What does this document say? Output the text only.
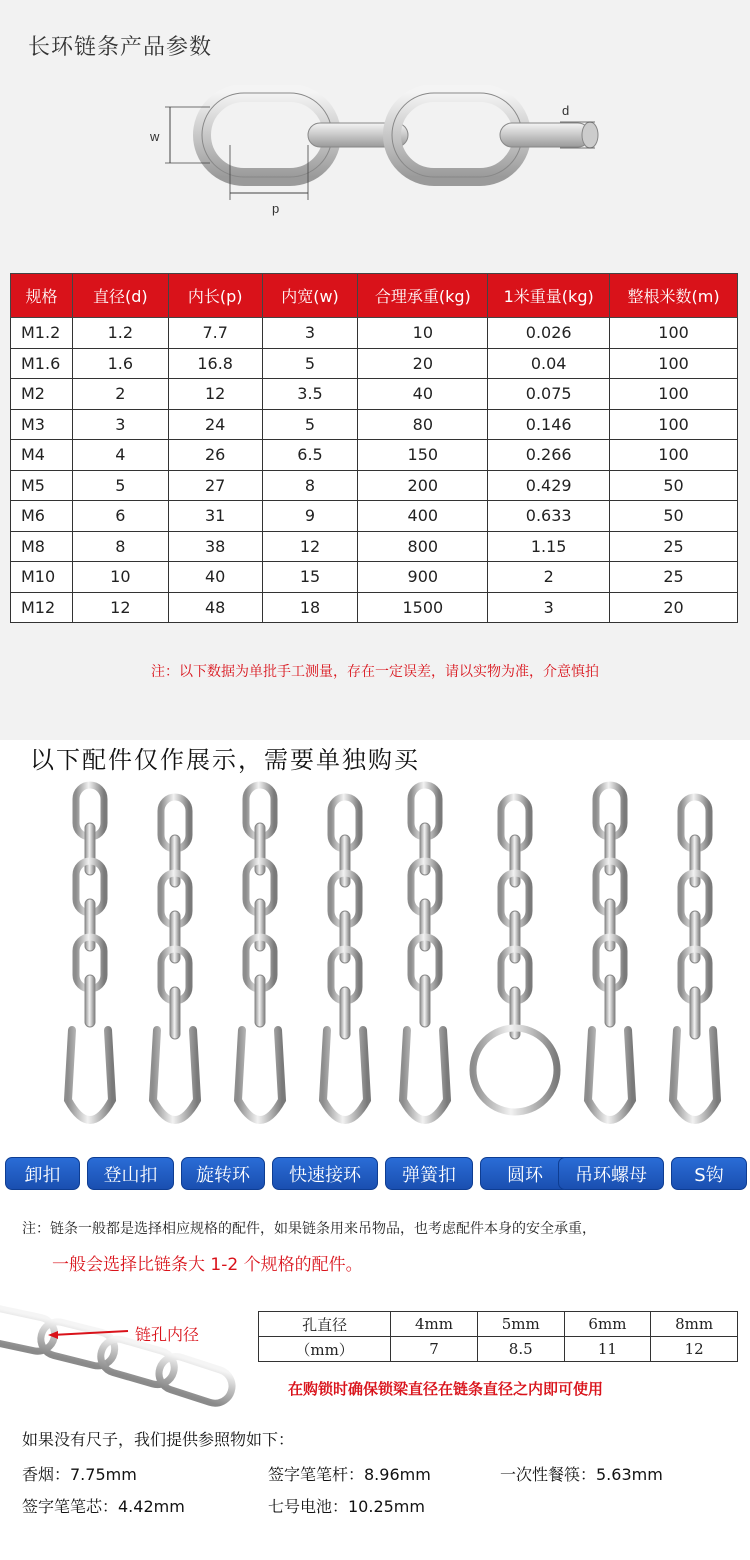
长环链条产品参数
w
p
d
规格	直径(d)	内长(p)	内宽(w)	合理承重(kg)	1米重量(kg)	整根米数(m)
M1.2	1.2	7.7	3	10	0.026	100
M1.6	1.6	16.8	5	20	0.04	100
M2	2	12	3.5	40	0.075	100
M3	3	24	5	80	0.146	100
M4	4	26	6.5	150	0.266	100
M5	5	27	8	200	0.429	50
M6	6	31	9	400	0.633	50
M8	8	38	12	800	1.15	25
M10	10	40	15	900	2	25
M12	12	48	18	1500	3	20
注：以下数据为单批手工测量，存在一定误差，请以实物为准，介意慎拍
以下配件仅作展示，需要单独购买
卸扣	登山扣	旋转环	快速接环	弹簧扣	圆环	吊环螺母	S钩
注：链条一般都是选择相应规格的配件，如果链条用来吊物品，也考虑配件本身的安全承重，
一般会选择比链条大 1-2 个规格的配件。
链孔内径
孔直径	4mm	5mm	6mm	8mm
（mm）	7	8.5	11	12
在购锁时确保锁梁直径在链条直径之内即可使用
如果没有尺子，我们提供参照物如下：
香烟：7.75mm	签字笔笔杆：8.96mm	一次性餐筷：5.63mm
签字笔笔芯：4.42mm	七号电池：10.25mm
